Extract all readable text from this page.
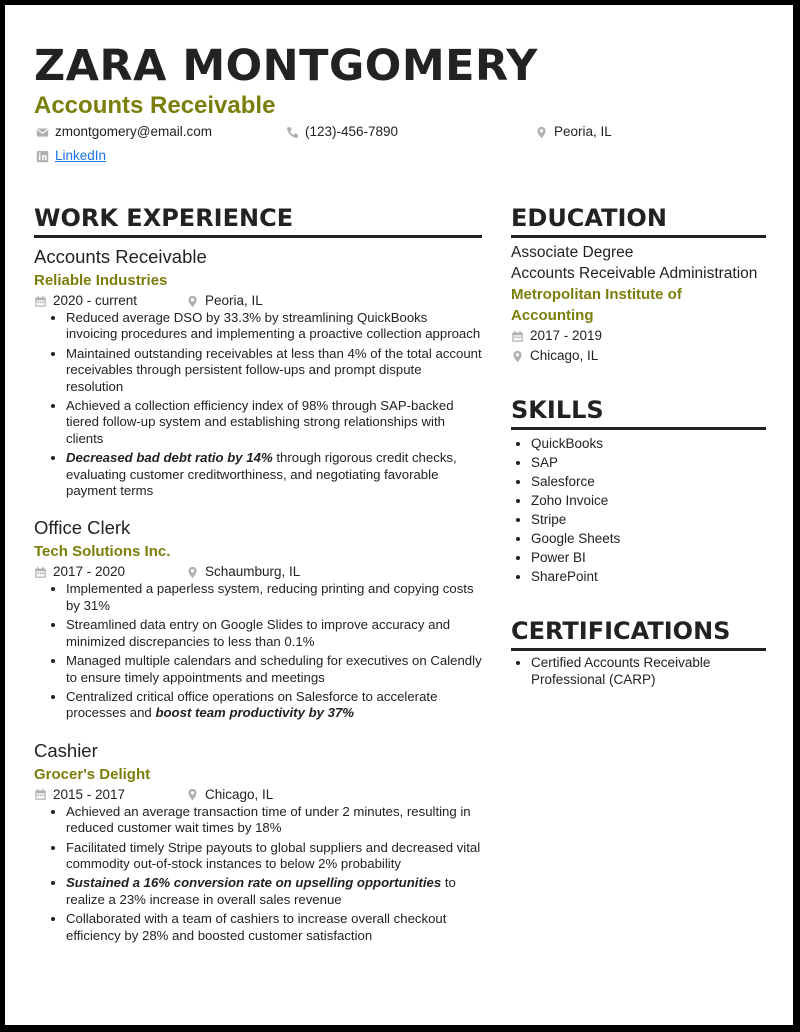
ZARA MONTGOMERY
Accounts Receivable
zmontgomery@email.com	(123)-456-7890	Peoria, IL
LinkedIn
WORK EXPERIENCE

Accounts Receivable

Reliable Industries

2020 - current	Peoria, IL
• Reduced average DSO by 33.3% by streamlining QuickBooks invoicing procedures and implementing a proactive collection approach
• Maintained outstanding receivables at less than 4% of the total account receivables through persistent follow-ups and prompt dispute resolution
• Achieved a collection efficiency index of 98% through SAP-backed tiered follow-up system and establishing strong relationships with clients
• Decreased bad debt ratio by 14% through rigorous credit checks, evaluating customer creditworthiness, and negotiating favorable payment terms

Office Clerk

Tech Solutions Inc.

2017 - 2020	Schaumburg, IL
• Implemented a paperless system, reducing printing and copying costs by 31%
• Streamlined data entry on Google Slides to improve accuracy and minimized discrepancies to less than 0.1%
• Managed multiple calendars and scheduling for executives on Calendly to ensure timely appointments and meetings
• Centralized critical office operations on Salesforce to accelerate processes and boost team productivity by 37%

Cashier

Grocer's Delight

2015 - 2017	Chicago, IL
• Achieved an average transaction time of under 2 minutes, resulting in reduced customer wait times by 18%
• Facilitated timely Stripe payouts to global suppliers and decreased vital commodity out-of-stock instances to below 2% probability
• Sustained a 16% conversion rate on upselling opportunities to realize a 23% increase in overall sales revenue
• Collaborated with a team of cashiers to increase overall checkout efficiency by 28% and boosted customer satisfaction
EDUCATION

Associate Degree

Accounts Receivable Administration

Metropolitan Institute of Accounting

2017 - 2019
Chicago, IL
SKILLS
• QuickBooks
• SAP
• Salesforce
• Zoho Invoice
• Stripe
• Google Sheets
• Power BI
• SharePoint
CERTIFICATIONS
• Certified Accounts Receivable Professional (CARP)
